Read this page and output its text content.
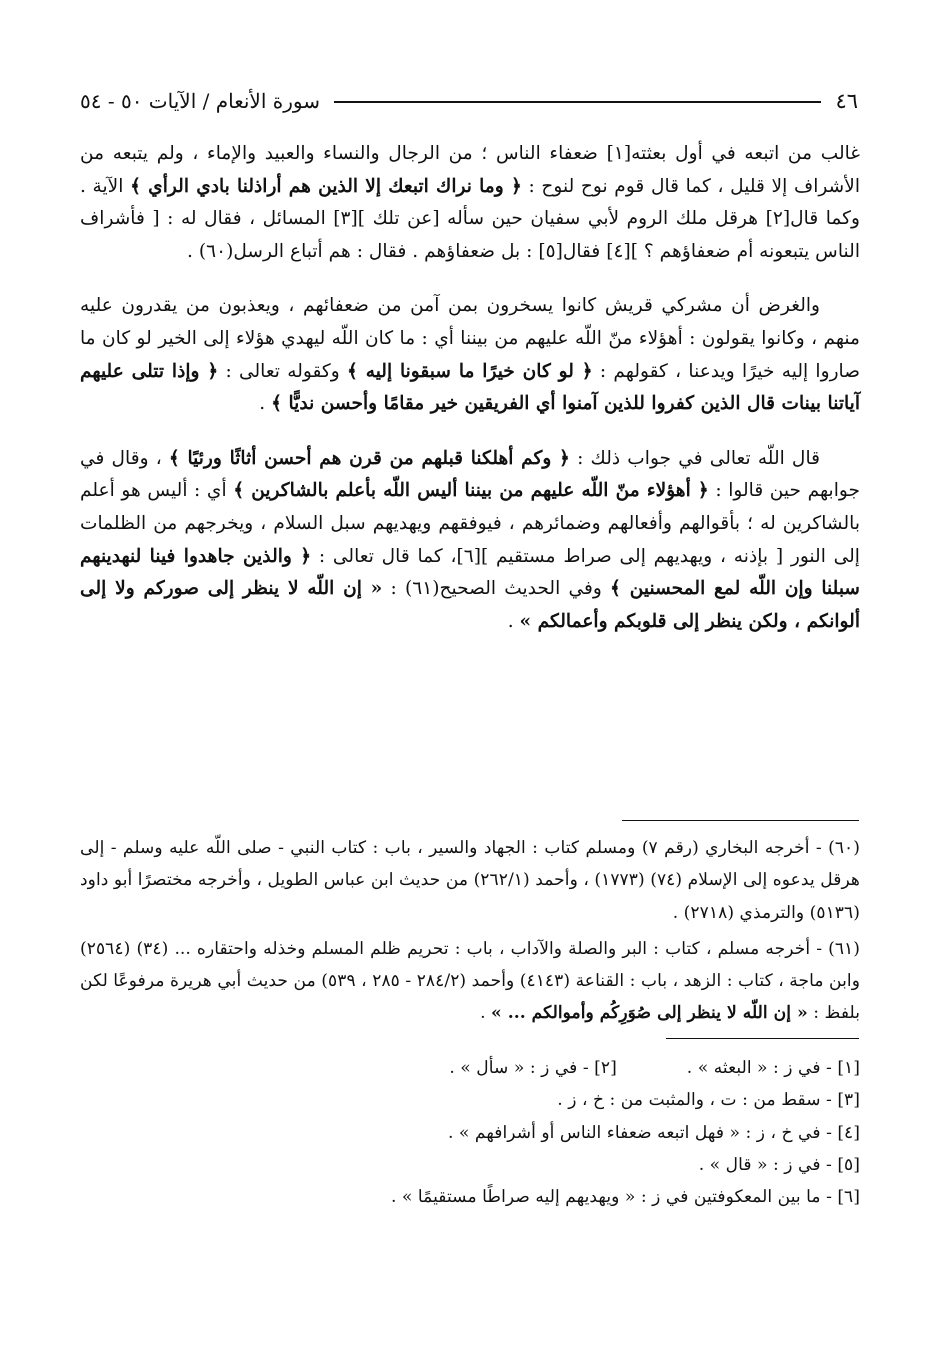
٤٦
سورة الأنعام / الآيات ٥٠ - ٥٤

غالب من اتبعه في أول بعثته[١] ضعفاء الناس ؛ من الرجال والنساء والعبيد والإماء ، ولم يتبعه من الأشراف إلا قليل ، كما قال قوم نوح لنوح : ﴿ وما نراك اتبعك إلا الذين هم أراذلنا بادي الرأي ﴾ الآية . وكما قال[٢] هرقل ملك الروم لأبي سفيان حين سأله [عن تلك ][٣] المسائل ، فقال له : [ فأشراف الناس يتبعونه أم ضعفاؤهم ؟ ][٤] فقال[٥] : بل ضعفاؤهم . فقال : هم أتباع الرسل(٦٠) .

والغرض أن مشركي قريش كانوا يسخرون بمن آمن من ضعفائهم ، ويعذبون من يقدرون عليه منهم ، وكانوا يقولون : أهؤلاء منّ اللّه عليهم من بيننا أي : ما كان اللّه ليهدي هؤلاء إلى الخير لو كان ما صاروا إليه خيرًا ويدعنا ، كقولهم : ﴿ لو كان خيرًا ما سبقونا إليه ﴾ وكقوله تعالى : ﴿ وإذا تتلى عليهم آياتنا بينات قال الذين كفروا للذين آمنوا أي الفريقين خير مقامًا وأحسن نديًّا ﴾ .

قال اللّه تعالى في جواب ذلك : ﴿ وكم أهلكنا قبلهم من قرن هم أحسن أثاثًا ورئيًا ﴾ ، وقال في جوابهم حين قالوا : ﴿ أهؤلاء منّ اللّه عليهم من بيننا أليس اللّه بأعلم بالشاكرين ﴾ أي : أليس هو أعلم بالشاكرين له ؛ بأقوالهم وأفعالهم وضمائرهم ، فيوفقهم ويهديهم سبل السلام ، ويخرجهم من الظلمات إلى النور [ بإذنه ، ويهديهم إلى صراط مستقيم ][٦]، كما قال تعالى : ﴿ والذين جاهدوا فينا لنهدينهم سبلنا وإن اللّه لمع المحسنين ﴾ وفي الحديث الصحيح(٦١) : « إن اللّه لا ينظر إلى صوركم ولا إلى ألوانكم ، ولكن ينظر إلى قلوبكم وأعمالكم » .

(٦٠) - أخرجه البخاري (رقم ٧) ومسلم كتاب : الجهاد والسير ، باب : كتاب النبي - صلى اللّه عليه وسلم - إلى هرقل يدعوه إلى الإسلام (٧٤) (١٧٧٣) ، وأحمد (٢٦٢/١) من حديث ابن عباس الطويل ، وأخرجه مختصرًا أبو داود (٥١٣٦) والترمذي (٢٧١٨) .

(٦١) - أخرجه مسلم ، كتاب : البر والصلة والآداب ، باب : تحريم ظلم المسلم وخذله واحتقاره ... (٣٤) (٢٥٦٤) وابن ماجة ، كتاب : الزهد ، باب : القناعة (٤١٤٣) وأحمد (٢٨٤/٢ - ٢٨٥ ، ٥٣٩) من حديث أبي هريرة مرفوعًا لكن بلفظ : « إن اللّه لا ينظر إلى صُوَرِكُم وأموالكم ... » .

[١] - في ز : « البعثه » .
[٢] - في ز : « سأل » .
[٣] - سقط من : ت ، والمثبت من : خ ، ز .
[٤] - في خ ، ز : « فهل اتبعه ضعفاء الناس أو أشرافهم » .
[٥] - في ز : « قال » .
[٦] - ما بين المعكوفتين في ز : « ويهديهم إليه صراطًا مستقيمًا » .
